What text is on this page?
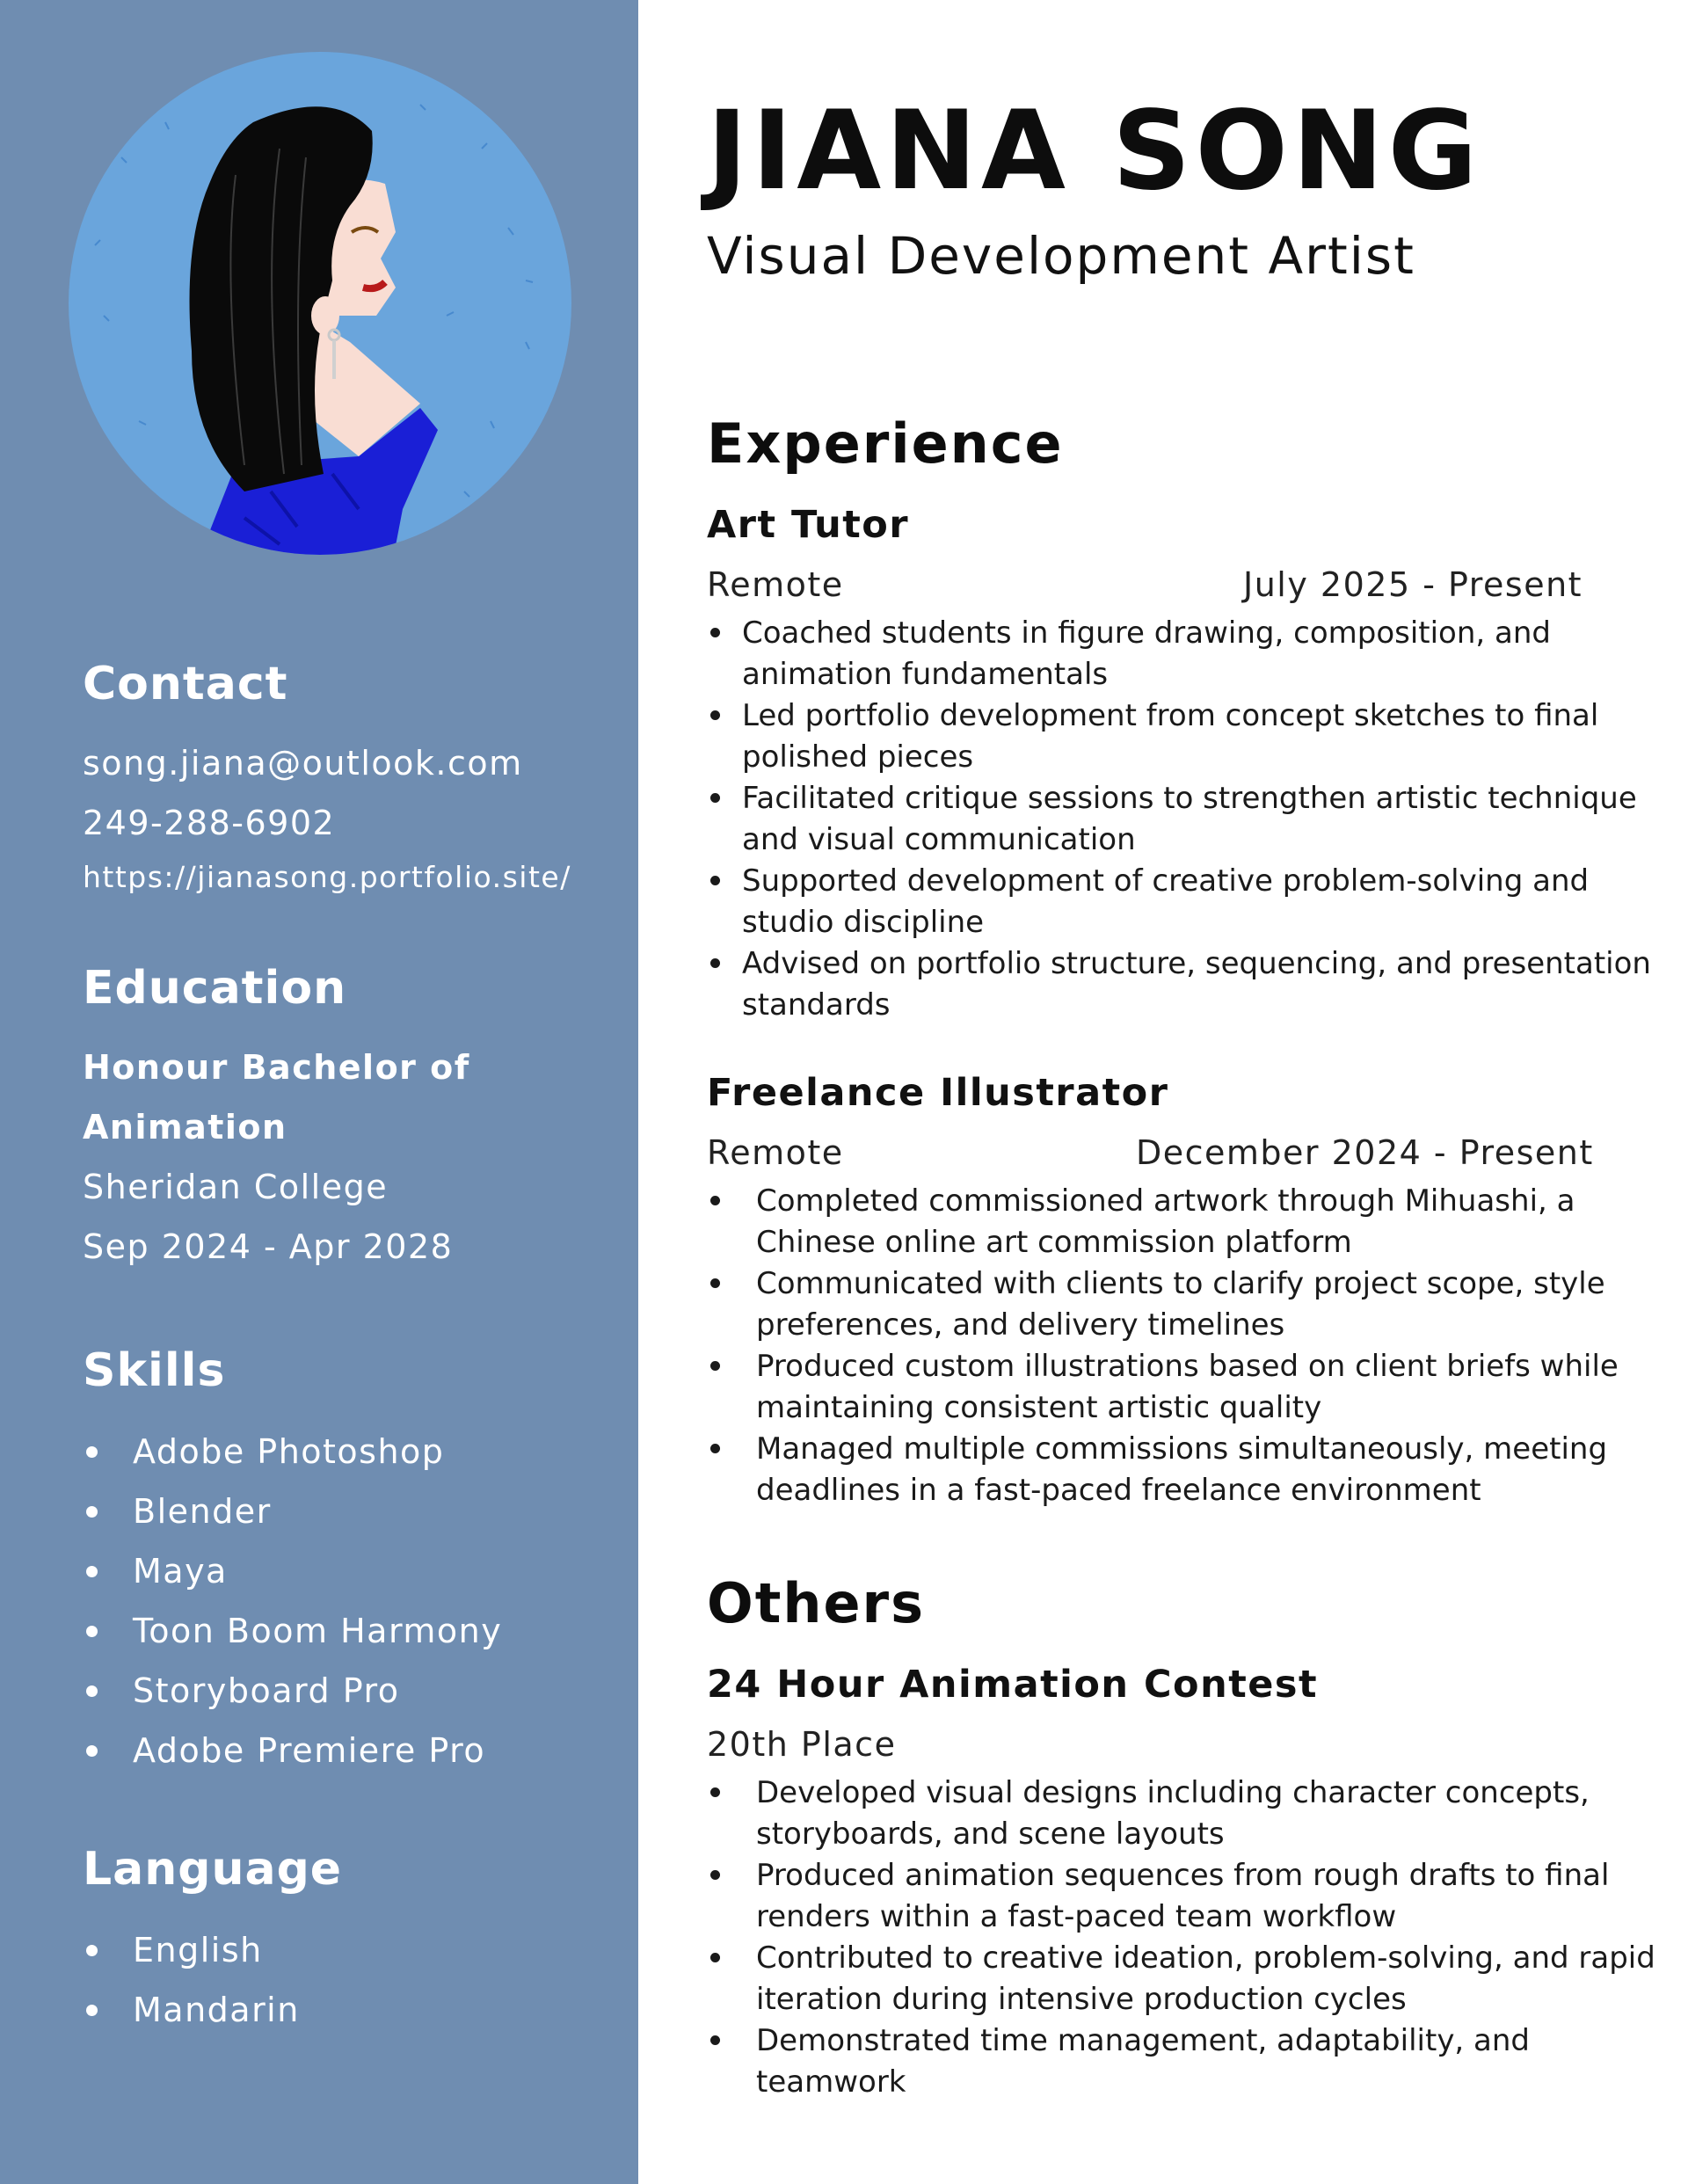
Contact

song.jiana@outlook.com

249-288-6902

https://jianasong.portfolio.site/

Education

Honour Bachelor of

Animation

Sheridan College

Sep 2024 - Apr 2028

Skills
Adobe Photoshop
Blender
Maya
Toon Boom Harmony
Storyboard Pro
Adobe Premiere Pro
Language
English
Mandarin
JIANA SONG

Visual Development Artist

Experience
Art Tutor
Remote	July 2025 - Present
Coached students in figure drawing, composition, and animation fundamentals
Led portfolio development from concept sketches to final polished pieces
Facilitated critique sessions to strengthen artistic technique and visual communication
Supported development of creative problem-solving and studio discipline
Advised on portfolio structure, sequencing, and presentation standards
Freelance Illustrator
Remote	December 2024 - Present
Completed commissioned artwork through Mihuashi, a Chinese online art commission platform
Communicated with clients to clarify project scope, style preferences, and delivery timelines
Produced custom illustrations based on client briefs while maintaining consistent artistic quality
Managed multiple commissions simultaneously, meeting deadlines in a fast-paced freelance environment
Others
24 Hour Animation Contest
20th Place
Developed visual designs including character concepts, storyboards, and scene layouts
Produced animation sequences from rough drafts to final renders within a fast-paced team workflow
Contributed to creative ideation, problem-solving, and rapid iteration during intensive production cycles
Demonstrated time management, adaptability, and teamwork
